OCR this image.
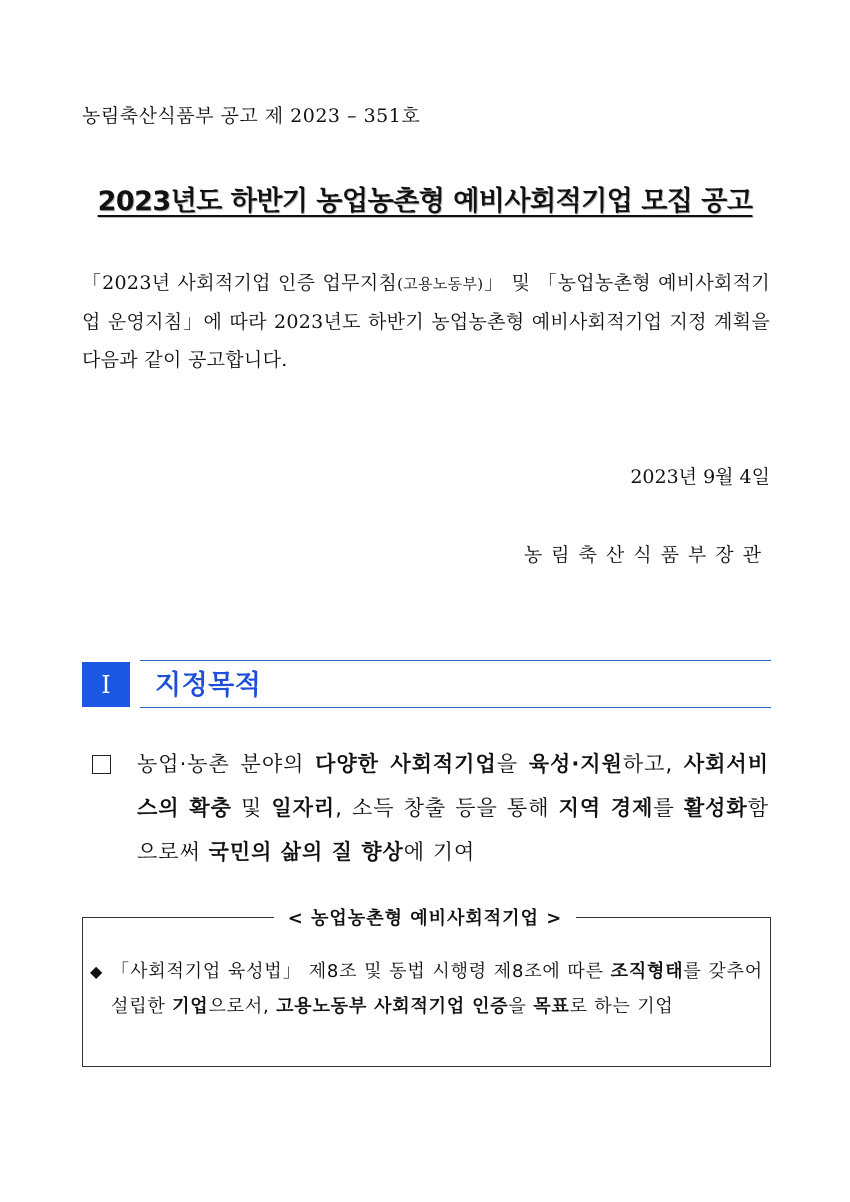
농림축산식품부 공고 제 2023 – 351호
2023년도 하반기 농업농촌형 예비사회적기업 모집 공고
「2023년 사회적기업 인증 업무지침(고용노동부)」 및 「농업농촌형 예비사회적기업 운영지침」에 따라 2023년도 하반기 농업농촌형 예비사회적기업 지정 계획을 다음과 같이 공고합니다.
2023년 9월 4일
농림축산식품부장관
Ⅰ 지정목적
농업·농촌 분야의 다양한 사회적기업을 육성·지원하고, 사회서비스의 확충 및 일자리, 소득 창출 등을 통해 지역 경제를 활성화함으로써 국민의 삶의 질 향상에 기여
< 농업농촌형 예비사회적기업 >
◆ 「사회적기업 육성법」 제8조 및 동법 시행령 제8조에 따른 조직형태를 갖추어 설립한 기업으로서, 고용노동부 사회적기업 인증을 목표로 하는 기업
